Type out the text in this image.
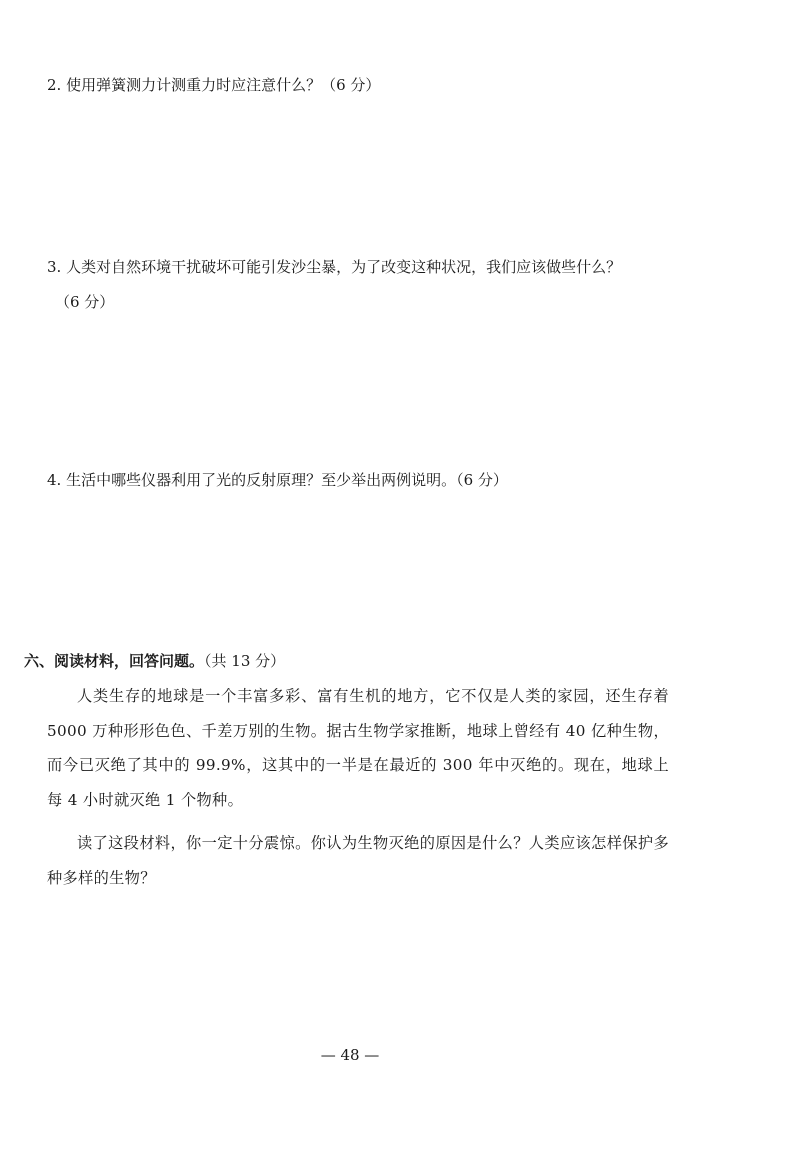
2. 使用弹簧测力计测重力时应注意什么？（6 分）
3. 人类对自然环境干扰破坏可能引发沙尘暴，为了改变这种状况，我们应该做些什么？
（6 分）
4. 生活中哪些仪器利用了光的反射原理？至少举出两例说明。（6 分）
六、阅读材料，回答问题。（共 13 分）

人类生存的地球是一个丰富多彩、富有生机的地方，它不仅是人类的家园，还生存着 5000 万种形形色色、千差万别的生物。据古生物学家推断，地球上曾经有 40 亿种生物，而今已灭绝了其中的 99.9%，这其中的一半是在最近的 300 年中灭绝的。现在，地球上每 4 小时就灭绝 1 个物种。

读了这段材料，你一定十分震惊。你认为生物灭绝的原因是什么？人类应该怎样保护多种多样的生物？

— 48 —
